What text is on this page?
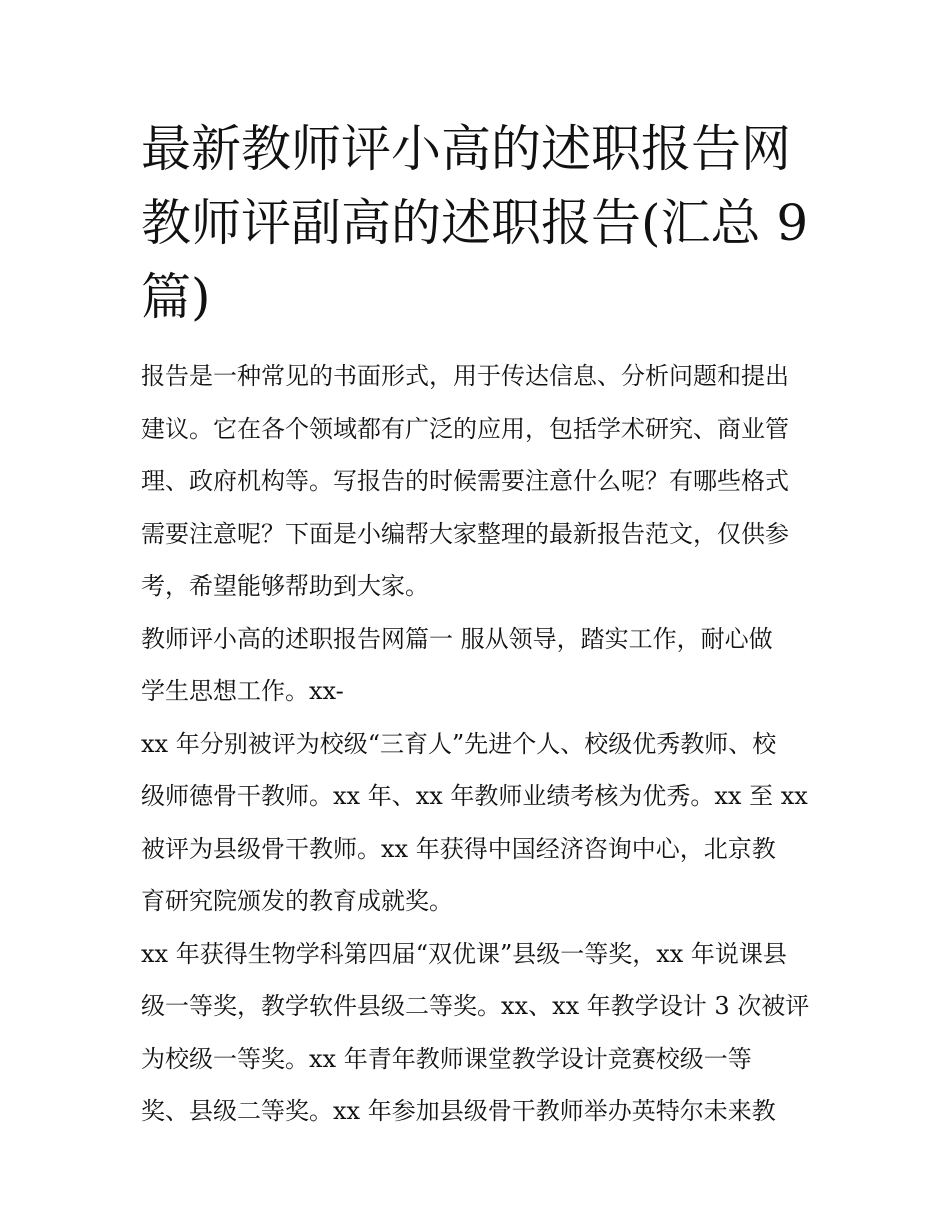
最新教师评小高的述职报告网
教师评副高的述职报告(汇总 9
篇)
报告是一种常见的书面形式，用于传达信息、分析问题和提出
建议。它在各个领域都有广泛的应用，包括学术研究、商业管
理、政府机构等。写报告的时候需要注意什么呢？有哪些格式
需要注意呢？下面是小编帮大家整理的最新报告范文，仅供参
考，希望能够帮助到大家。
教师评小高的述职报告网篇一 服从领导，踏实工作，耐心做
学生思想工作。xx-
xx 年分别被评为校级“三育人”先进个人、校级优秀教师、校
级师德骨干教师。xx 年、xx 年教师业绩考核为优秀。xx 至 xx
被评为县级骨干教师。xx 年获得中国经济咨询中心，北京教
育研究院颁发的教育成就奖。
xx 年获得生物学科第四届“双优课”县级一等奖，xx 年说课县
级一等奖，教学软件县级二等奖。xx、xx 年教学设计 3 次被评
为校级一等奖。xx 年青年教师课堂教学设计竞赛校级一等
奖、县级二等奖。xx 年参加县级骨干教师举办英特尔未来教
